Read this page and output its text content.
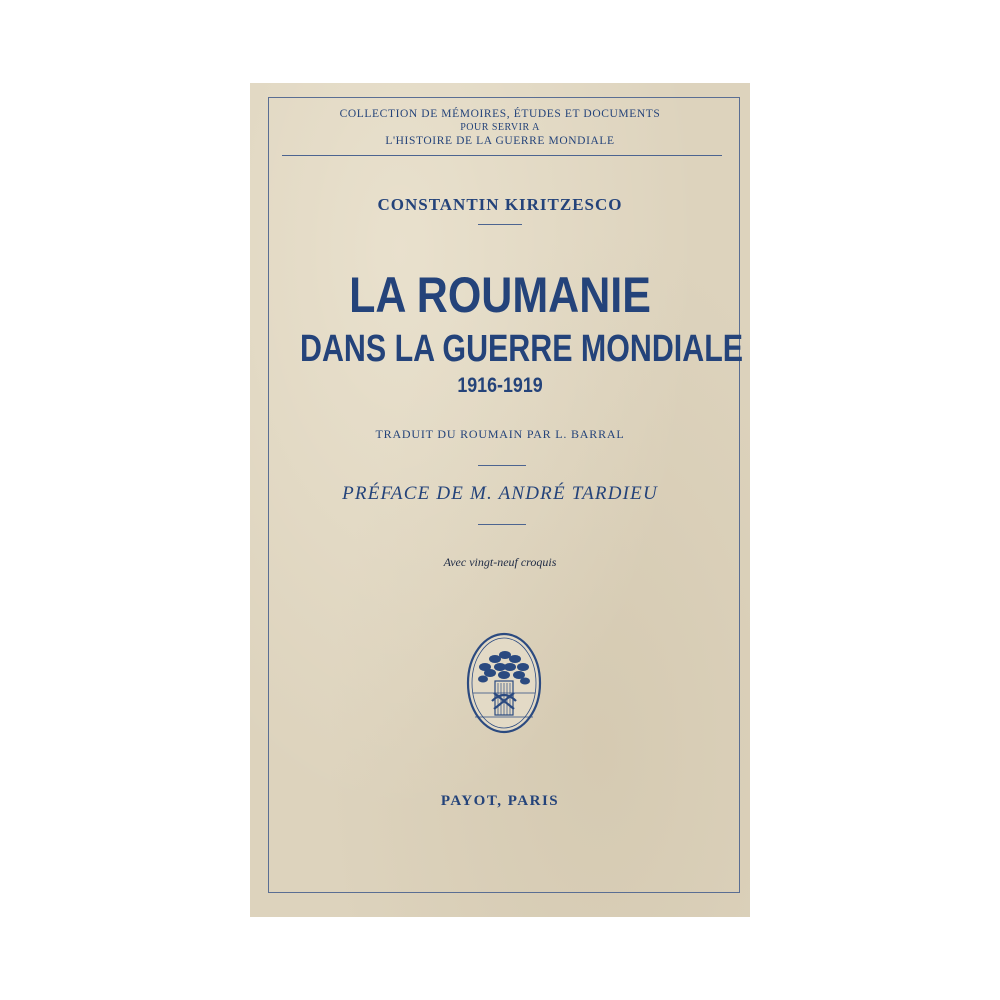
COLLECTION DE MÉMOIRES, ÉTUDES ET DOCUMENTS
POUR SERVIR A
L'HISTOIRE DE LA GUERRE MONDIALE
CONSTANTIN KIRITZESCO
LA ROUMANIE
DANS LA GUERRE MONDIALE
1916-1919
TRADUIT DU ROUMAIN PAR L. BARRAL
PRÉFACE DE M. ANDRÉ TARDIEU
Avec vingt-neuf croquis
PAYOT, PARIS
